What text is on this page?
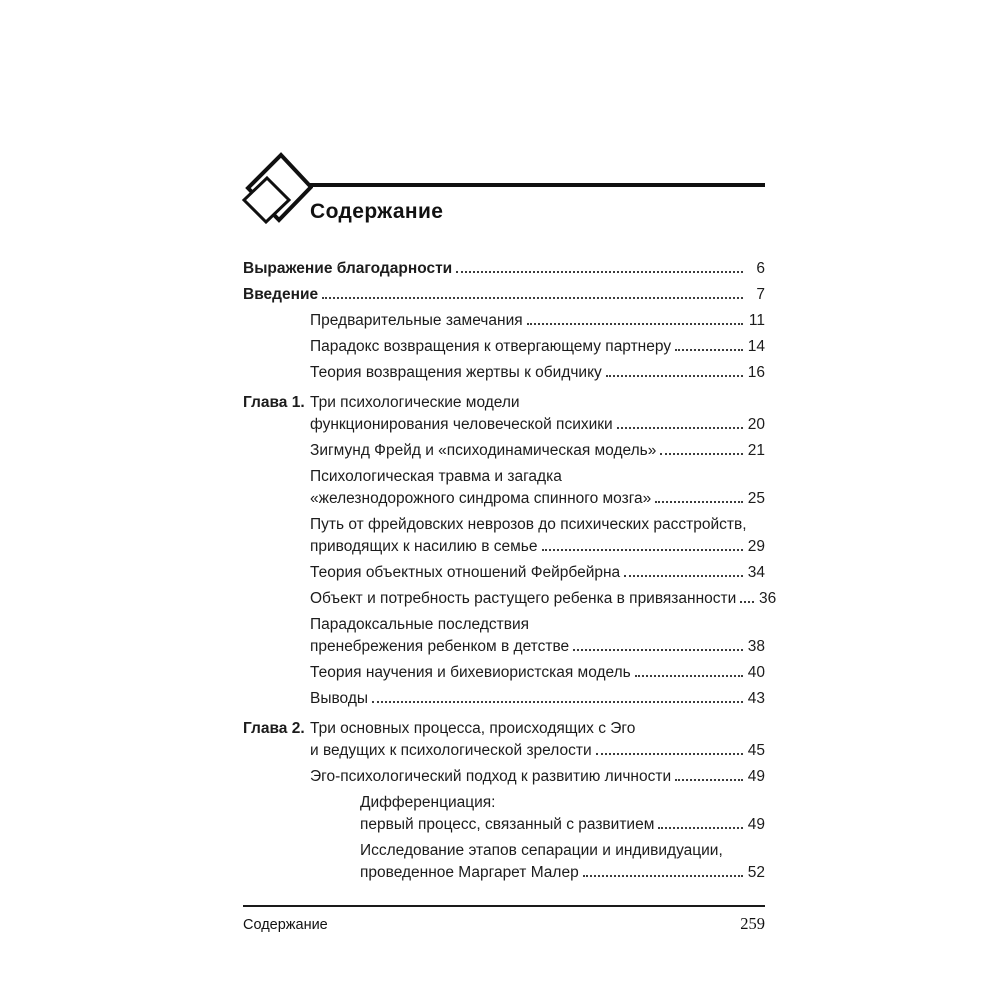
Содержание
Выражение благодарности	6
Введение	7
Предварительные замечания	11
Парадокс возвращения к отвергающему партнеру	14
Теория возвращения жертвы к обидчику	16
Глава 1. Три психологические модели
функционирования человеческой психики	20
Зигмунд Фрейд и «психодинамическая модель»	21
Психологическая травма и загадка
«железнодорожного синдрома спинного мозга»	25
Путь от фрейдовских неврозов до психических расстройств,
приводящих к насилию в семье	29
Теория объектных отношений Фейрбейрна	34
Объект и потребность растущего ребенка в привязанности 36
Парадоксальные последствия
пренебрежения ребенком в детстве	38
Теория научения и бихевиористская модель	40
Выводы	43
Глава 2. Три основных процесса, происходящих с Эго
и ведущих к психологической зрелости	45
Эго-психологический подход к развитию личности	49
Дифференциация:
первый процесс, связанный с развитием	49
Исследование этапов сепарации и индивидуации,
проведенное Маргарет Малер	52
Содержание	259
